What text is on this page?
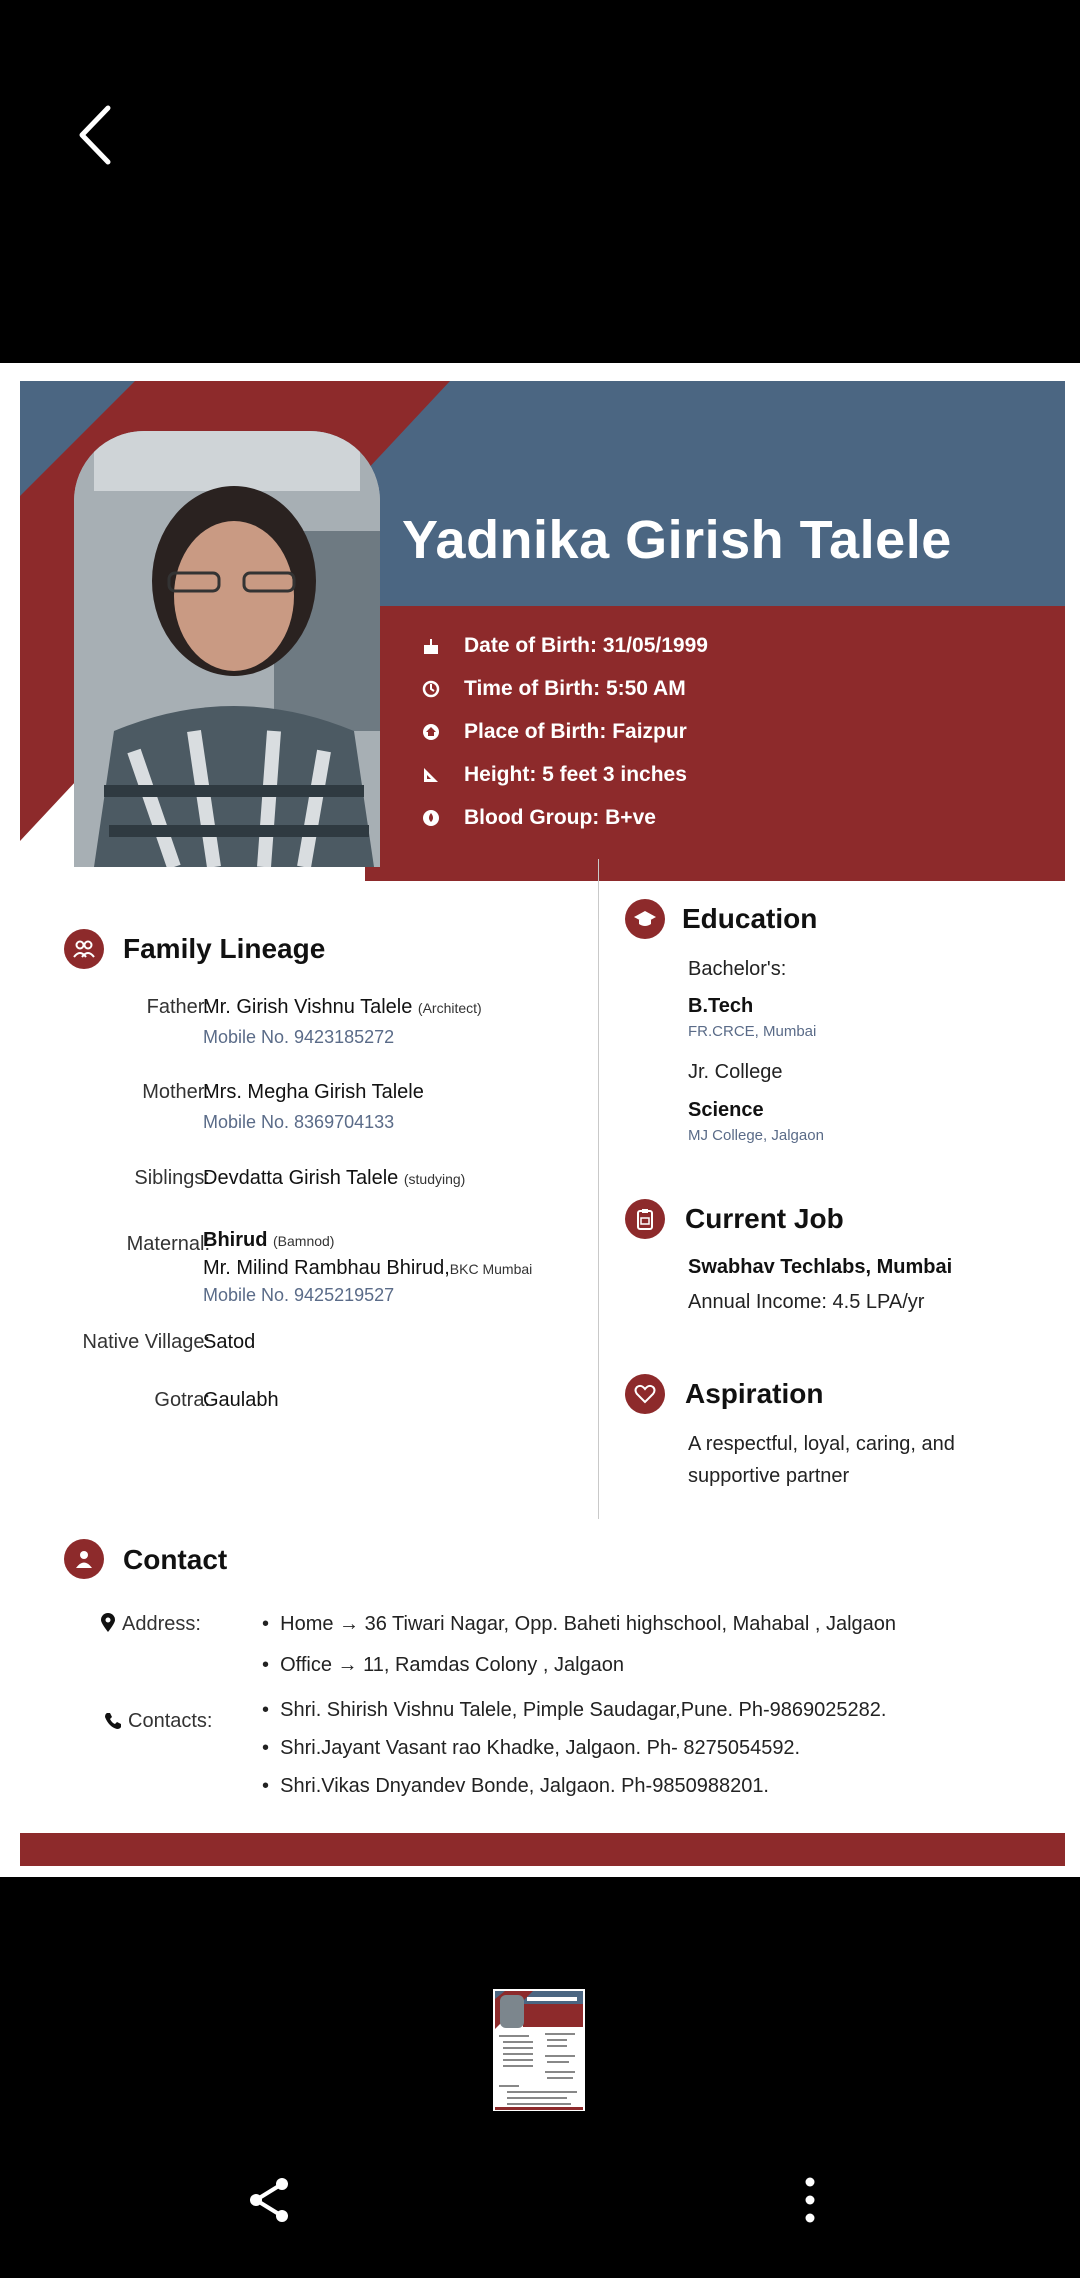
Yadnika Girish Talele
Date of Birth: 31/05/1999
Time of Birth: 5:50 AM
Place of Birth: Faizpur
Height: 5 feet 3 inches
Blood Group: B+ve
Family Lineage
Father:
Mr. Girish Vishnu Talele (Architect)
Mobile No. 9423185272
Mother:
Mrs. Megha Girish Talele
Mobile No. 8369704133
Siblings:
Devdatta Girish Talele (studying)
Maternal:
Bhirud (Bamnod)
Mr. Milind Rambhau Bhirud,BKC Mumbai
Mobile No. 9425219527
Native Village:
Satod
Gotra:
Gaulabh
Education
Bachelor's:
B.Tech
FR.CRCE, Mumbai
Jr. College
Science
MJ College, Jalgaon
Current Job
Swabhav Techlabs, Mumbai
Annual Income: 4.5 LPA/yr
Aspiration
A respectful, loyal, caring, and
supportive partner
Contact
Address:	•  Home → 36 Tiwari Nagar, Opp. Baheti highschool, Mahabal , Jalgaon
•  Office → 11, Ramdas Colony , Jalgaon
Contacts: •  Shri. Shirish Vishnu Talele, Pimple Saudagar,Pune. Ph-9869025282.
•  Shri.Jayant Vasant rao Khadke, Jalgaon. Ph- 8275054592.
•  Shri.Vikas Dnyandev Bonde, Jalgaon. Ph-9850988201.
